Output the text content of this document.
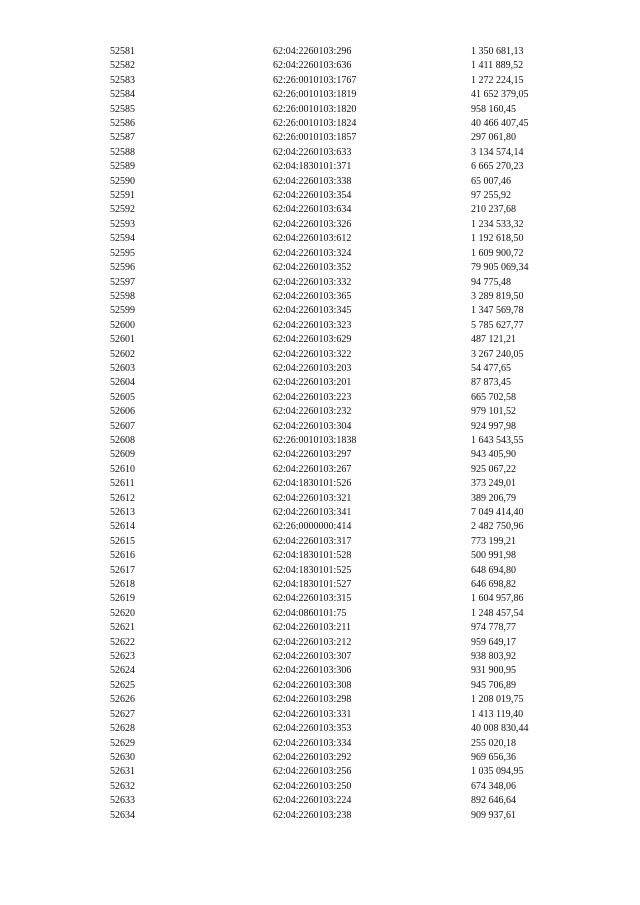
52581	62:04:2260103:296	1 350 681,13
52582	62:04:2260103:636	1 411 889,52
52583	62:26:0010103:1767	1 272 224,15
52584	62:26:0010103:1819	41 652 379,05
52585	62:26:0010103:1820	958 160,45
52586	62:26:0010103:1824	40 466 407,45
52587	62:26:0010103:1857	297 061,80
52588	62:04:2260103:633	3 134 574,14
52589	62:04:1830101:371	6 665 270,23
52590	62:04:2260103:338	65 007,46
52591	62:04:2260103:354	97 255,92
52592	62:04:2260103:634	210 237,68
52593	62:04:2260103:326	1 234 533,32
52594	62:04:2260103:612	1 192 618,50
52595	62:04:2260103:324	1 609 900,72
52596	62:04:2260103:352	79 905 069,34
52597	62:04:2260103:332	94 775,48
52598	62:04:2260103:365	3 289 819,50
52599	62:04:2260103:345	1 347 569,78
52600	62:04:2260103:323	5 785 627,77
52601	62:04:2260103:629	487 121,21
52602	62:04:2260103:322	3 267 240,05
52603	62:04:2260103:203	54 477,65
52604	62:04:2260103:201	87 873,45
52605	62:04:2260103:223	665 702,58
52606	62:04:2260103:232	979 101,52
52607	62:04:2260103:304	924 997,98
52608	62:26:0010103:1838	1 643 543,55
52609	62:04:2260103:297	943 405,90
52610	62:04:2260103:267	925 067,22
52611	62:04:1830101:526	373 249,01
52612	62:04:2260103:321	389 206,79
52613	62:04:2260103:341	7 049 414,40
52614	62:26:0000000:414	2 482 750,96
52615	62:04:2260103:317	773 199,21
52616	62:04:1830101:528	500 991,98
52617	62:04:1830101:525	648 694,80
52618	62:04:1830101:527	646 698,82
52619	62:04:2260103:315	1 604 957,86
52620	62:04:0860101:75	1 248 457,54
52621	62:04:2260103:211	974 778,77
52622	62:04:2260103:212	959 649,17
52623	62:04:2260103:307	938 803,92
52624	62:04:2260103:306	931 900,95
52625	62:04:2260103:308	945 706,89
52626	62:04:2260103:298	1 208 019,75
52627	62:04:2260103:331	1 413 119,40
52628	62:04:2260103:353	40 008 830,44
52629	62:04:2260103:334	255 020,18
52630	62:04:2260103:292	969 656,36
52631	62:04:2260103:256	1 035 094,95
52632	62:04:2260103:250	674 348,06
52633	62:04:2260103:224	892 646,64
52634	62:04:2260103:238	909 937,61
